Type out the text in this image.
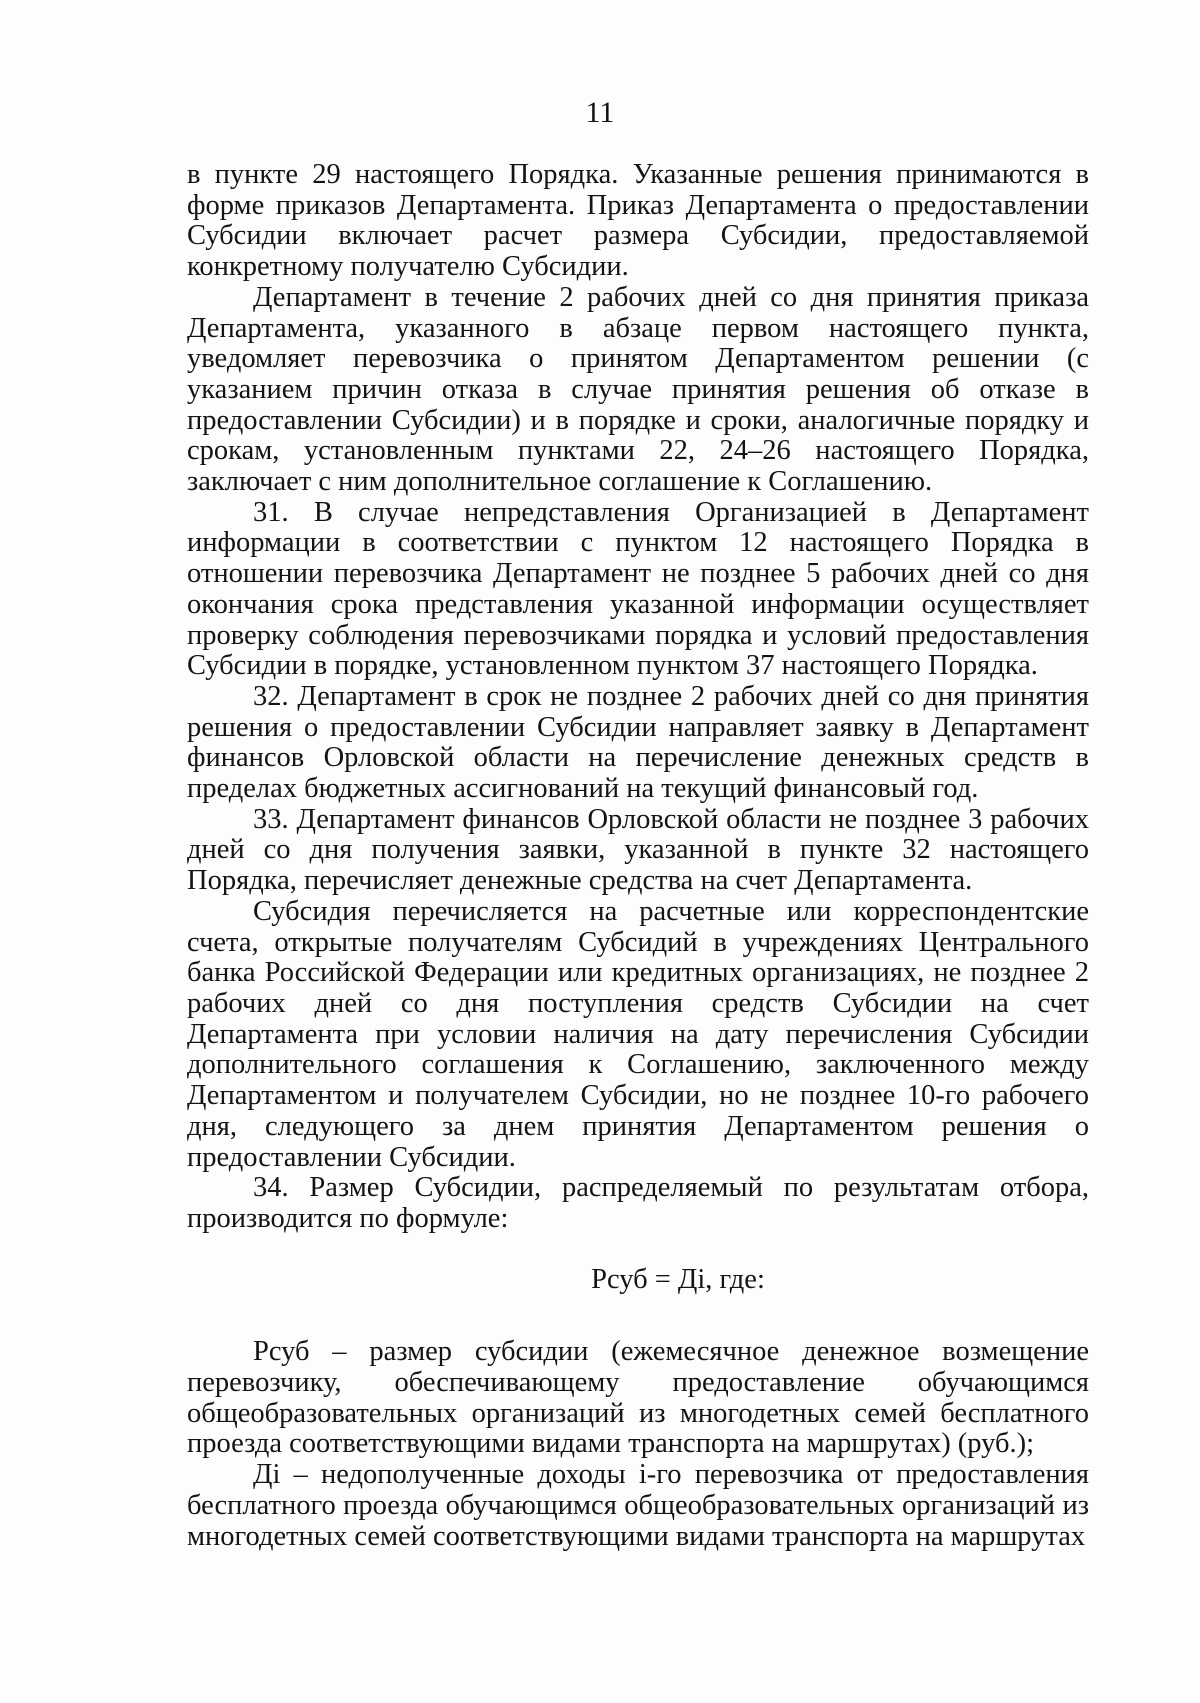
11

в пункте 29 настоящего Порядка. Указанные решения принимаются в форме приказов Департамента. Приказ Департамента о предоставлении Субсидии включает расчет размера Субсидии, предоставляемой конкретному получателю Субсидии.

Департамент в течение 2 рабочих дней со дня принятия приказа Департамента, указанного в абзаце первом настоящего пункта, уведомляет перевозчика о принятом Департаментом решении (с указанием причин отказа в случае принятия решения об отказе в предоставлении Субсидии) и в порядке и сроки, аналогичные порядку и срокам, установленным пунктами 22, 24–26 настоящего Порядка, заключает с ним дополнительное соглашение к Соглашению.

31. В случае непредставления Организацией в Департамент информации в соответствии с пунктом 12 настоящего Порядка в отношении перевозчика Департамент не позднее 5 рабочих дней со дня окончания срока представления указанной информации осуществляет проверку соблюдения перевозчиками порядка и условий предоставления Субсидии в порядке, установленном пунктом 37 настоящего Порядка.

32. Департамент в срок не позднее 2 рабочих дней со дня принятия решения о предоставлении Субсидии направляет заявку в Департамент финансов Орловской области на перечисление денежных средств в пределах бюджетных ассигнований на текущий финансовый год.

33. Департамент финансов Орловской области не позднее 3 рабочих дней со дня получения заявки, указанной в пункте 32 настоящего Порядка, перечисляет денежные средства на счет Департамента.

Субсидия перечисляется на расчетные или корреспондентские счета, открытые получателям Субсидий в учреждениях Центрального банка Российской Федерации или кредитных организациях, не позднее 2 рабочих дней со дня поступления средств Субсидии на счет Департамента при условии наличия на дату перечисления Субсидии дополнительного соглашения к Соглашению, заключенного между Департаментом и получателем Субсидии, но не позднее 10-го рабочего дня, следующего за днем принятия Департаментом решения о предоставлении Субсидии.

34. Размер Субсидии, распределяемый по результатам отбора, производится по формуле:

Рсуб = Дi, где:

Рсуб – размер субсидии (ежемесячное денежное возмещение перевозчику, обеспечивающему предоставление обучающимся общеобразовательных организаций из многодетных семей бесплатного проезда соответствующими видами транспорта на маршрутах) (руб.);

Дi – недополученные доходы i-го перевозчика от предоставления бесплатного проезда обучающимся общеобразовательных организаций из многодетных семей соответствующими видами транспорта на маршрутах
